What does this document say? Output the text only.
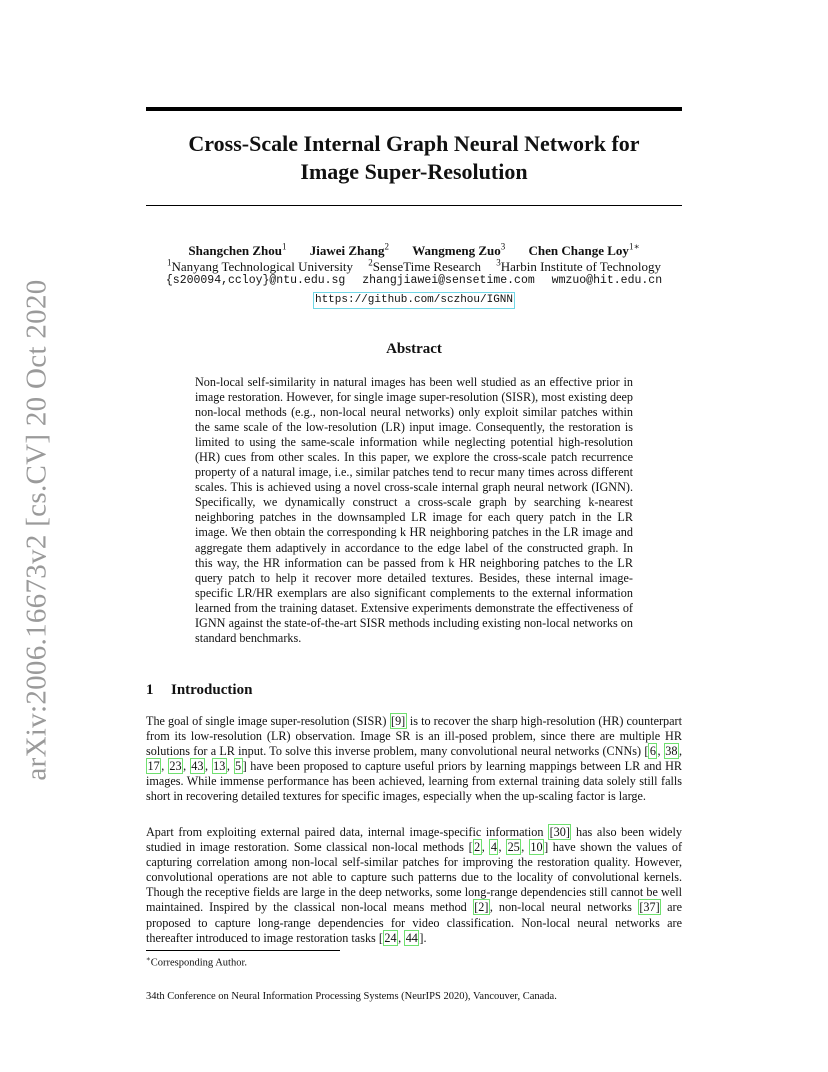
arXiv:2006.16673v2 [cs.CV] 20 Oct 2020
Cross-Scale Internal Graph Neural Network for
Image Super-Resolution
Shangchen Zhou$^1$ Jiawei Zhang$^2$ Wangmeng Zuo$^3$ Chen Change Loy$^{1∗}$
$^1$Nanyang Technological University $^2$SenseTime Research $^3$Harbin Institute of Technology
{s200094,ccloy}@ntu.edu.sg zhangjiawei@sensetime.com wmzuo@hit.edu.cn
https://github.com/sczhou/IGNN
Abstract
Non-local self-similarity in natural images has been well studied as an effective prior in image restoration. However, for single image super-resolution (SISR), most existing deep non-local methods (e.g., non-local neural networks) only exploit similar patches within the same scale of the low-resolution (LR) input image. Consequently, the restoration is limited to using the same-scale information while neglecting potential high-resolution (HR) cues from other scales. In this paper, we explore the cross-scale patch recurrence property of a natural image, i.e., similar patches tend to recur many times across different scales. This is achieved using a novel cross-scale internal graph neural network (IGNN). Specifically, we dynamically construct a cross-scale graph by searching k-nearest neighboring patches in the downsampled LR image for each query patch in the LR image. We then obtain the corresponding k HR neighboring patches in the LR image and aggregate them adaptively in accordance to the edge label of the constructed graph. In this way, the HR information can be passed from k HR neighboring patches to the LR query patch to help it recover more detailed textures. Besides, these internal image-specific LR/HR exemplars are also significant complements to the external information learned from the training dataset. Extensive experiments demonstrate the effectiveness of IGNN against the state-of-the-art SISR methods including existing non-local networks on standard benchmarks.
1 Introduction
The goal of single image super-resolution (SISR) [9] is to recover the sharp high-resolution (HR) counterpart from its low-resolution (LR) observation. Image SR is an ill-posed problem, since there are multiple HR solutions for a LR input. To solve this inverse problem, many convolutional neural networks (CNNs) [ 6 , 38 , 17 , 23 , 43 , 13 , 5 ] have been proposed to capture useful priors by learning mappings between LR and HR images. While immense performance has been achieved, learning from external training data solely still falls short in recovering detailed textures for specific images, especially when the up-scaling factor is large.
Apart from exploiting external paired data, internal image-specific information [30] has also been widely studied in image restoration. Some classical non-local methods [ 2 , 4 , 25 , 10 ] have shown the values of capturing correlation among non-local self-similar patches for improving the restoration quality. However, convolutional operations are not able to capture such patterns due to the locality of convolutional kernels. Though the receptive fields are large in the deep networks, some long-range dependencies still cannot be well maintained. Inspired by the classical non-local means method [2] , non-local neural networks [37] are proposed to capture long-range dependencies for video classification. Non-local neural networks are thereafter introduced to image restoration tasks [ 24 , 44 ].
∗Corresponding Author.
34th Conference on Neural Information Processing Systems (NeurIPS 2020), Vancouver, Canada.
